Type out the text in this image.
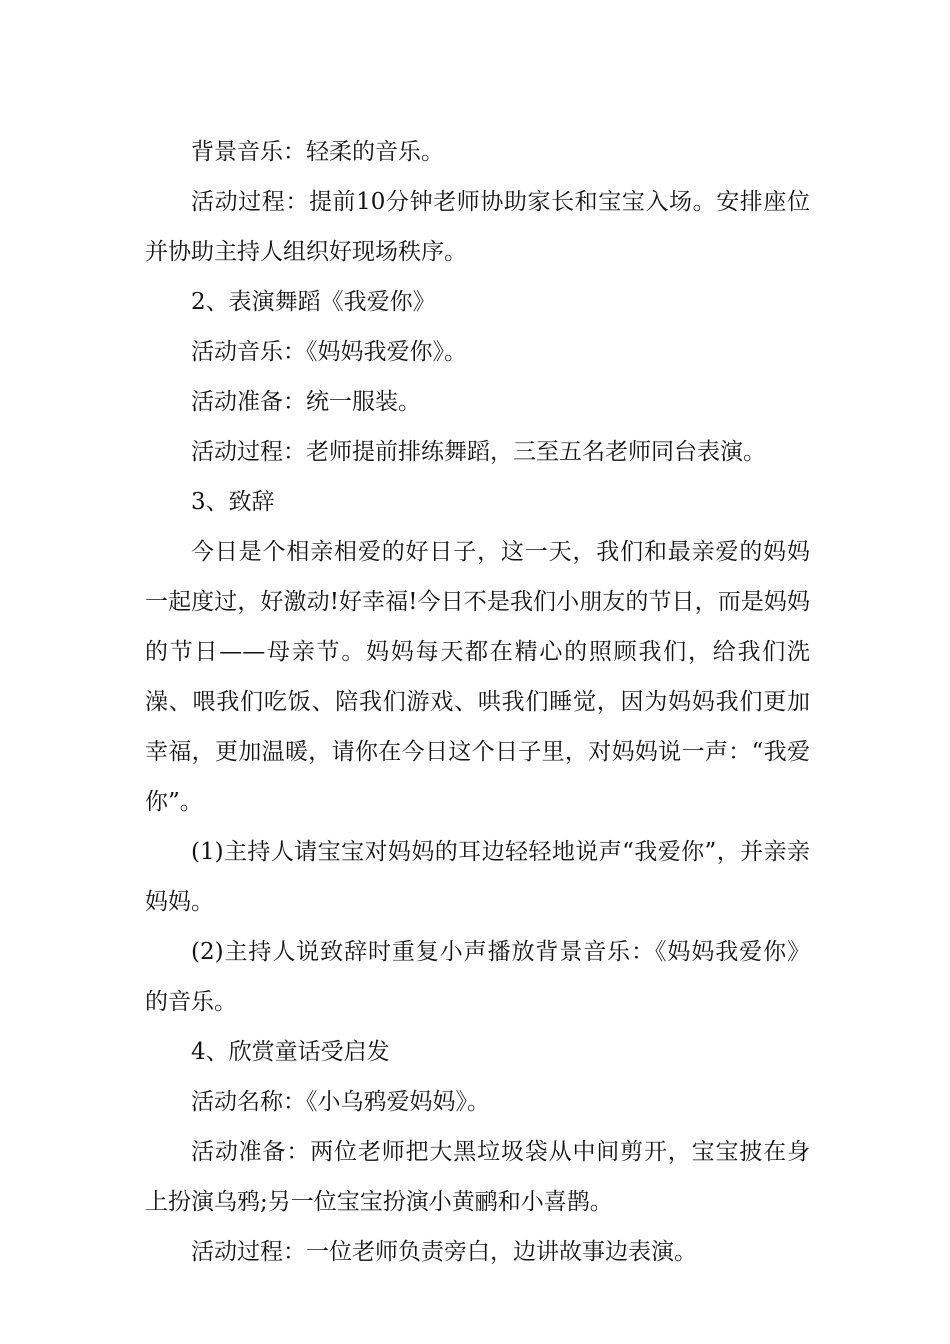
背景音乐：轻柔的音乐。

活动过程：提前10分钟老师协助家长和宝宝入场。安排座位并协助主持人组织好现场秩序。

2、表演舞蹈《我爱你》

活动音乐：《妈妈我爱你》。

活动准备：统一服装。

活动过程：老师提前排练舞蹈，三至五名老师同台表演。

3、致辞

今日是个相亲相爱的好日子，这一天，我们和最亲爱的妈妈一起度过，好激动!好幸福!今日不是我们小朋友的节日，而是妈妈的节日——母亲节。妈妈每天都在精心的照顾我们，给我们洗澡、喂我们吃饭、陪我们游戏、哄我们睡觉，因为妈妈我们更加幸福，更加温暖，请你在今日这个日子里，对妈妈说一声：“我爱你”。

(1)主持人请宝宝对妈妈的耳边轻轻地说声“我爱你”，并亲亲妈妈。

(2)主持人说致辞时重复小声播放背景音乐：《妈妈我爱你》的音乐。

4、欣赏童话受启发

活动名称：《小乌鸦爱妈妈》。

活动准备：两位老师把大黑垃圾袋从中间剪开，宝宝披在身上扮演乌鸦;另一位宝宝扮演小黄鹂和小喜鹊。

活动过程：一位老师负责旁白，边讲故事边表演。
